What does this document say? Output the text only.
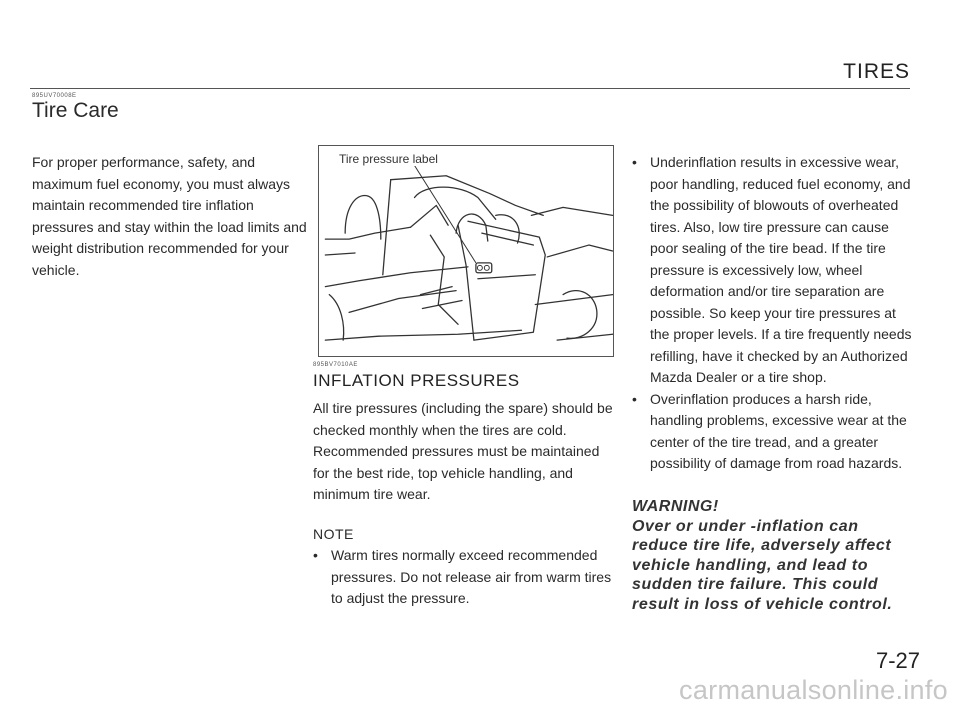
TIRES
895UV70008E
Tire Care

For proper performance, safety, and maximum fuel economy, you must always maintain recommended tire inflation pressures and stay within the load limits and weight distribution recommended for your vehicle.

Tire pressure label
895BV7010AE
INFLATION PRESSURES

All tire pressures (including the spare) should be checked monthly when the tires are cold. Recommended pressures must be maintained for the best ride, top vehicle handling, and minimum tire wear.

NOTE
• Warm tires normally exceed recommended pressures. Do not release air from warm tires to adjust the pressure.
• Underinflation results in excessive wear, poor handling, reduced fuel economy, and the possibility of blowouts of overheated tires. Also, low tire pressure can cause poor sealing of the tire bead. If the tire pressure is excessively low, wheel deformation and/or tire separation are possible. So keep your tire pressures at the proper levels. If a tire frequently needs refilling, have it checked by an Authorized Mazda Dealer or a tire shop.
• Overinflation produces a harsh ride, handling problems, excessive wear at the center of the tire tread, and a greater possibility of damage from road hazards.
WARNING!
Over or under -inflation can reduce tire life, adversely affect vehicle handling, and lead to sudden tire failure. This could result in loss of vehicle control.
7-27
carmanualsonline.info
